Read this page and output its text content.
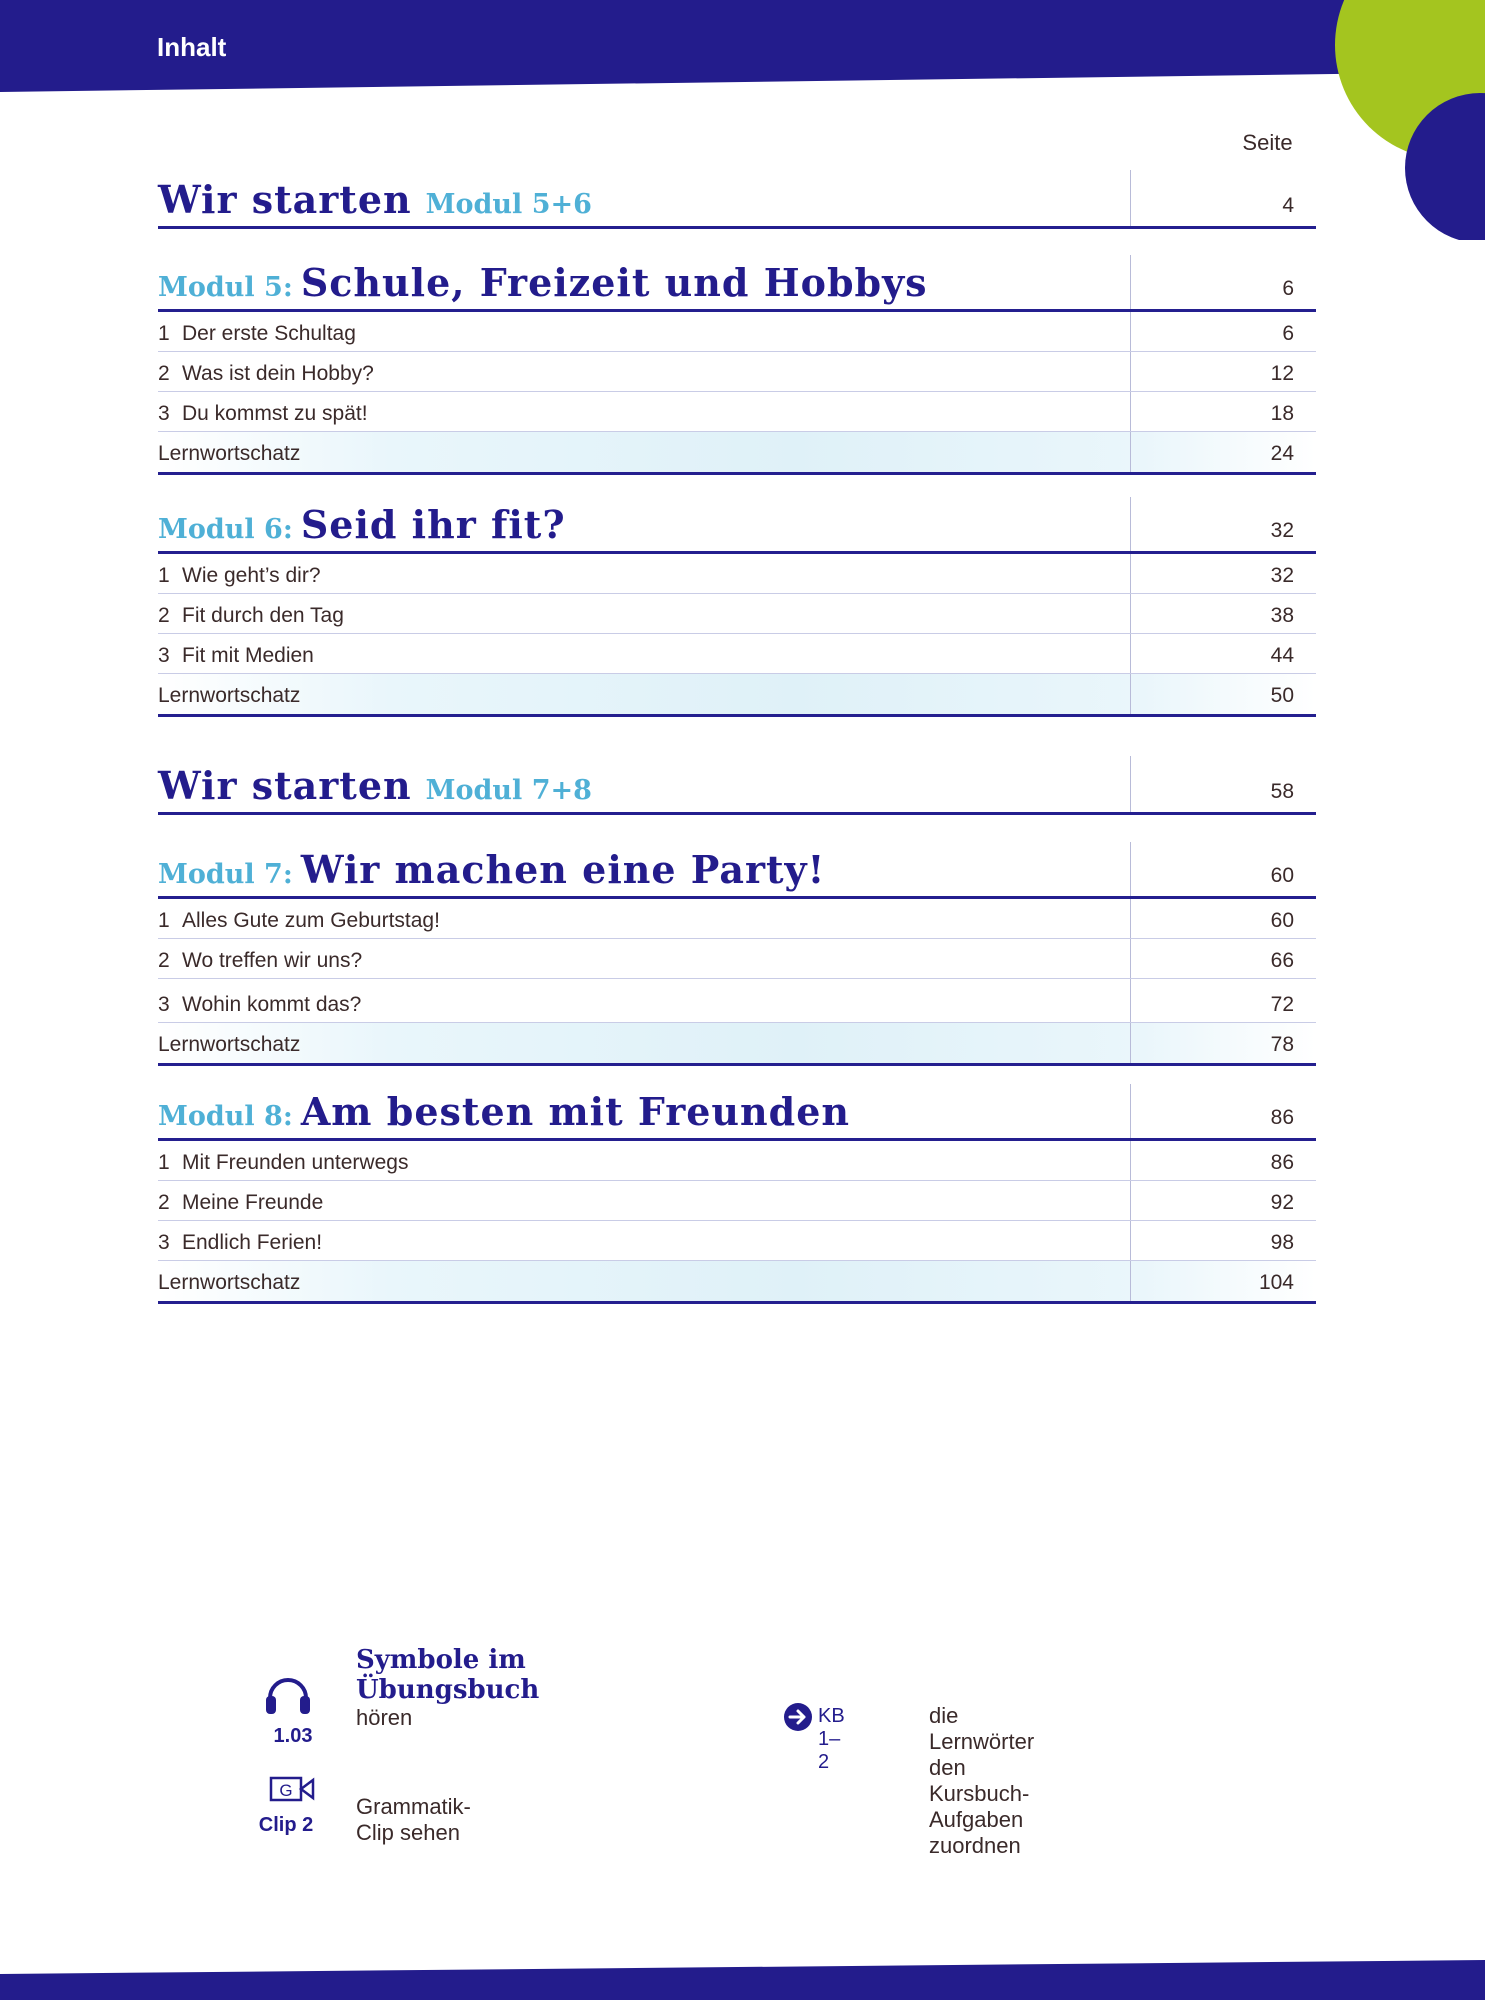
Inhalt
Seite
Wir starten Modul 5+6	4
Modul 5: Schule, Freizeit und Hobbys	6
1 Der erste Schultag	6
2 Was ist dein Hobby?	12
3 Du kommst zu spät!	18
Lernwortschatz	24
Modul 6: Seid ihr fit?	32
1 Wie geht’s dir?	32
2 Fit durch den Tag	38
3 Fit mit Medien	44
Lernwortschatz	50
Wir starten Modul 7+8	58
Modul 7: Wir machen eine Party!	60
1 Alles Gute zum Geburtstag!	60
2 Wo treffen wir uns?	66
3 Wohin kommt das?	72
Lernwortschatz	78
Modul 8: Am besten mit Freunden	86
1 Mit Freunden unterwegs	86
2 Meine Freunde	92
3 Endlich Ferien!	98
Lernwortschatz	104
Symbole im Übungsbuch
1.03
hören
G
Clip 2
Grammatik-Clip sehen
KB 1–2
die Lernwörter den Kursbuch-
Aufgaben zuordnen
